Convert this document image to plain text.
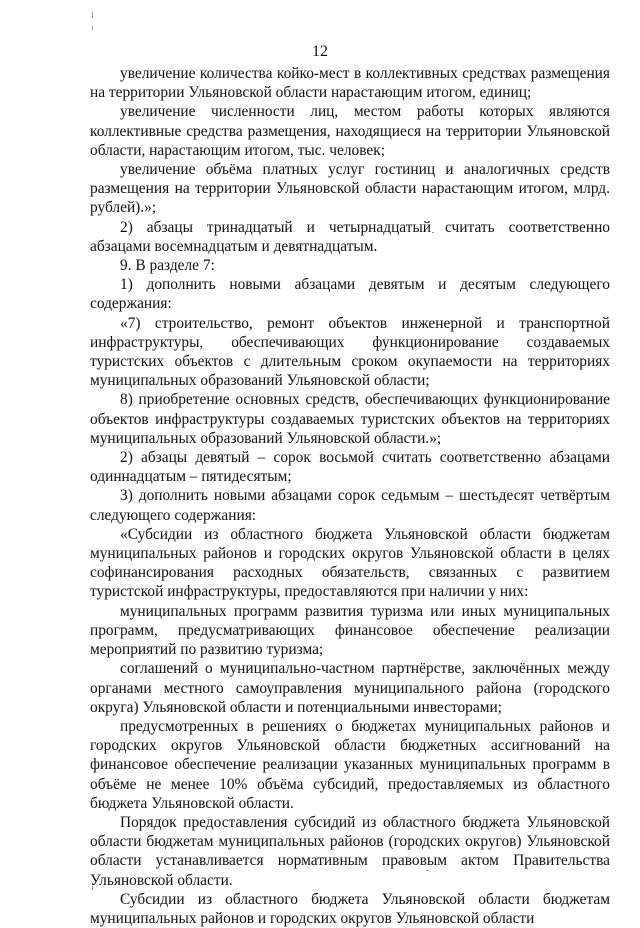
12

увеличение количества койко-мест в коллективных средствах размещения на территории Ульяновской области нарастающим итогом, единиц;

увеличение численности лиц, местом работы которых являются коллективные средства размещения, находящиеся на территории Ульяновской области, нарастающим итогом, тыс. человек;

увеличение объёма платных услуг гостиниц и аналогичных средств размещения на территории Ульяновской области нарастающим итогом, млрд. рублей).»;

2) абзацы тринадцатый и четырнадцатый считать соответственно абзацами восемнадцатым и девятнадцатым.

9. В разделе 7:

1) дополнить новыми абзацами девятым и десятым следующего содержания:

«7) строительство, ремонт объектов инженерной и транспортной инфраструктуры, обеспечивающих функционирование создаваемых туристских объектов с длительным сроком окупаемости на территориях муниципальных образований Ульяновской области;

8) приобретение основных средств, обеспечивающих функционирование объектов инфраструктуры создаваемых туристских объектов на территориях муниципальных образований Ульяновской области.»;

2) абзацы девятый – сорок восьмой считать соответственно абзацами одиннадцатым – пятидесятым;

3) дополнить новыми абзацами сорок седьмым – шестьдесят четвёртым следующего содержания:

«Субсидии из областного бюджета Ульяновской области бюджетам муниципальных районов и городских округов Ульяновской области в целях софинансирования расходных обязательств, связанных с развитием туристской инфраструктуры, предоставляются при наличии у них:

муниципальных программ развития туризма или иных муниципальных программ, предусматривающих финансовое обеспечение реализации мероприятий по развитию туризма;

соглашений о муниципально-частном партнёрстве, заключённых между органами местного самоуправления муниципального района (городского округа) Ульяновской области и потенциальными инвесторами;

предусмотренных в решениях о бюджетах муниципальных районов и городских округов Ульяновской области бюджетных ассигнований на финансовое обеспечение реализации указанных муниципальных программ в объёме не менее 10% объёма субсидий, предоставляемых из областного бюджета Ульяновской области.

Порядок предоставления субсидий из областного бюджета Ульяновской области бюджетам муниципальных районов (городских округов) Ульяновской области устанавливается нормативным правовым актом Правительства Ульяновской области.

Субсидии из областного бюджета Ульяновской области бюджетам муниципальных районов и городских округов Ульяновской области
